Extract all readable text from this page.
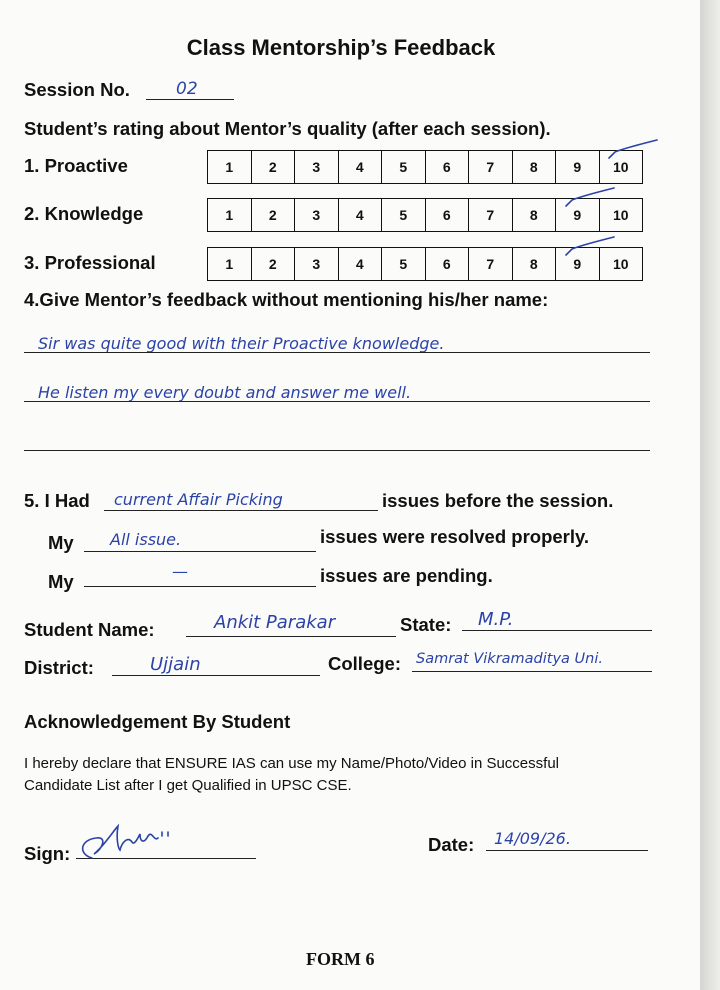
Class Mentorship’s Feedback
Session No.	02
Student’s rating about Mentor’s quality (after each session).
1. Proactive	1	2	3	4	5	6	7	8	9	10
2. Knowledge	1	2	3	4	5	6	7	8	9	10
3. Professional	1	2	3	4	5	6	7	8	9	10
4.Give Mentor’s feedback without mentioning his/her name:
Sir was quite good with their Proactive knowledge.
He listen my every doubt and answer me well.
5. I Had current Affair Picking	issues before the session.
My All issue.	issues were resolved properly.
My	—	issues are pending.
Student Name:	Ankit Parakar	State: M.P.
District:	Ujjain	College: Samrat Vikramaditya Uni.
Acknowledgement By Student
I hereby declare that ENSURE IAS can use my Name/Photo/Video in Successful
Candidate List after I get Qualified in UPSC CSE.
Sign:	Date: 14/09/26.
FORM 6
